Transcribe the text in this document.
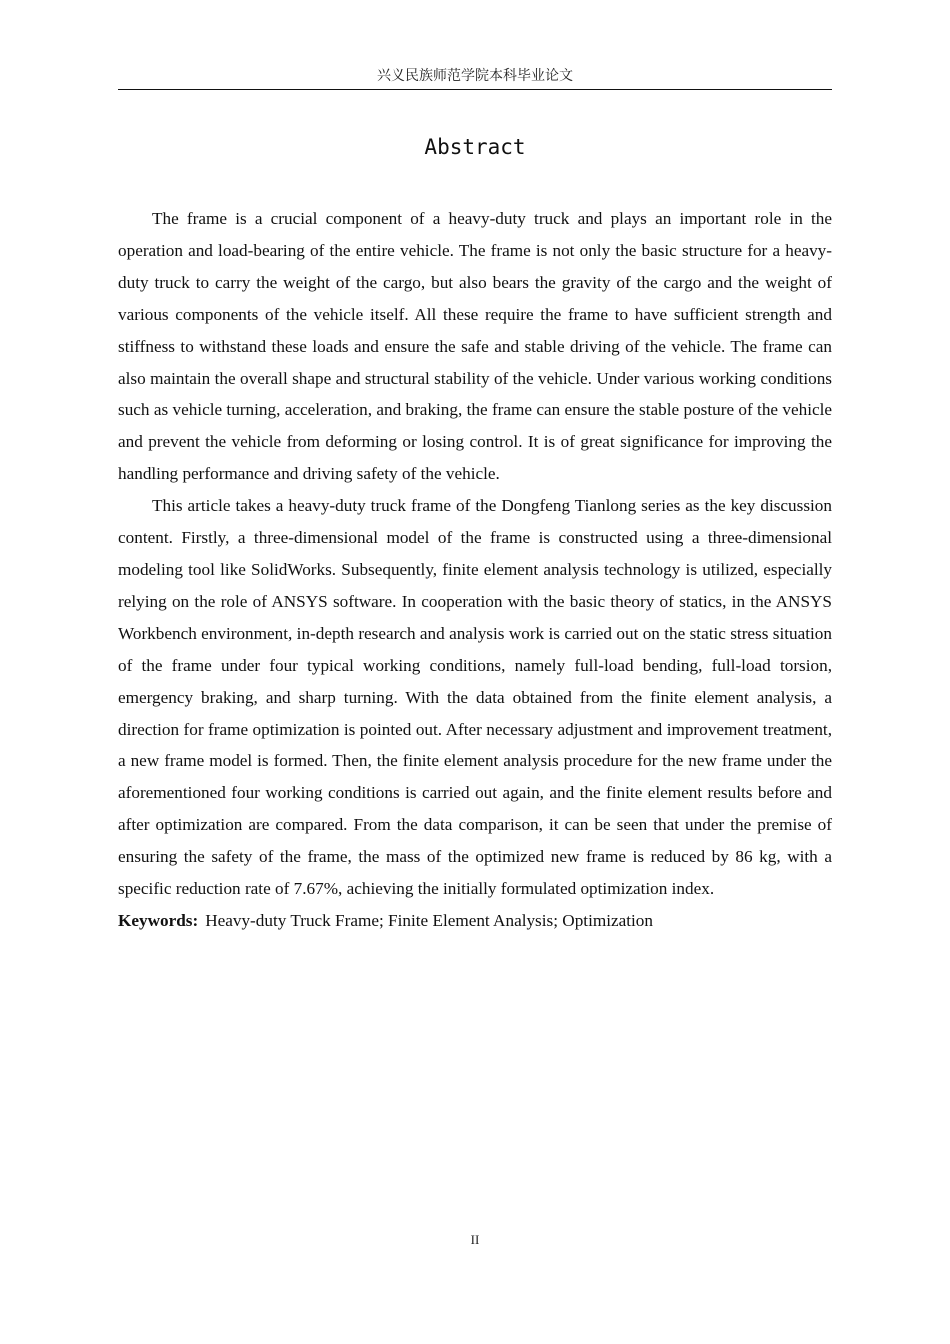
兴义民族师范学院本科毕业论文
Abstract

The frame is a crucial component of a heavy-duty truck and plays an important role in the operation and load-bearing of the entire vehicle. The frame is not only the basic structure for a heavy-duty truck to carry the weight of the cargo, but also bears the gravity of the cargo and the weight of various components of the vehicle itself. All these require the frame to have sufficient strength and stiffness to withstand these loads and ensure the safe and stable driving of the vehicle. The frame can also maintain the overall shape and structural stability of the vehicle. Under various working conditions such as vehicle turning, acceleration, and braking, the frame can ensure the stable posture of the vehicle and prevent the vehicle from deforming or losing control. It is of great significance for improving the handling performance and driving safety of the vehicle.

This article takes a heavy-duty truck frame of the Dongfeng Tianlong series as the key discussion content. Firstly, a three-dimensional model of the frame is constructed using a three-dimensional modeling tool like SolidWorks. Subsequently, finite element analysis technology is utilized, especially relying on the role of ANSYS software. In cooperation with the basic theory of statics, in the ANSYS Workbench environment, in-depth research and analysis work is carried out on the static stress situation of the frame under four typical working conditions, namely full-load bending, full-load torsion, emergency braking, and sharp turning. With the data obtained from the finite element analysis, a direction for frame optimization is pointed out. After necessary adjustment and improvement treatment, a new frame model is formed. Then, the finite element analysis procedure for the new frame under the aforementioned four working conditions is carried out again, and the finite element results before and after optimization are compared. From the data comparison, it can be seen that under the premise of ensuring the safety of the frame, the mass of the optimized new frame is reduced by 86 kg, with a specific reduction rate of 7.67%, achieving the initially formulated optimization index.

Keywords: Heavy-duty Truck Frame; Finite Element Analysis; Optimization

II
